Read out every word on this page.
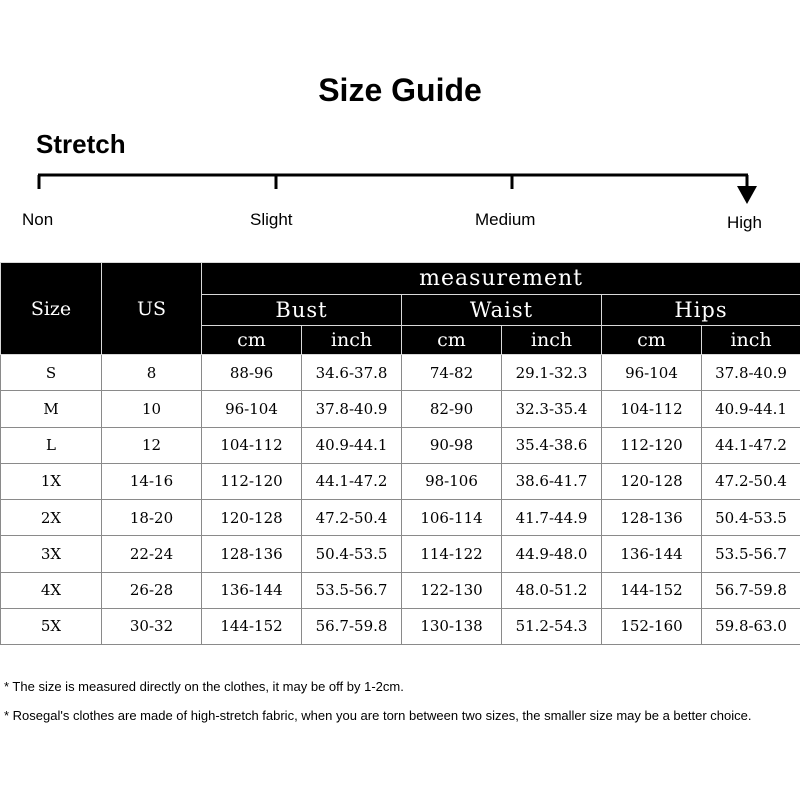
Size Guide
Stretch
Non	Slight	Medium	High
Size	US	measurement					
		Bust		Waist		Hips	
		cm	inch	cm	inch	cm	inch
S	8	88-96	34.6-37.8	74-82	29.1-32.3	96-104	37.8-40.9
M	10	96-104	37.8-40.9	82-90	32.3-35.4	104-112	40.9-44.1
L	12	104-112	40.9-44.1	90-98	35.4-38.6	112-120	44.1-47.2
1X	14-16	112-120	44.1-47.2	98-106	38.6-41.7	120-128	47.2-50.4
2X	18-20	120-128	47.2-50.4	106-114	41.7-44.9	128-136	50.4-53.5
3X	22-24	128-136	50.4-53.5	114-122	44.9-48.0	136-144	53.5-56.7
4X	26-28	136-144	53.5-56.7	122-130	48.0-51.2	144-152	56.7-59.8
5X	30-32	144-152	56.7-59.8	130-138	51.2-54.3	152-160	59.8-63.0
* The size is measured directly on the clothes, it may be off by 1-2cm.
* Rosegal's clothes are made of high-stretch fabric, when you are torn between two sizes, the smaller size may be a better choice.
